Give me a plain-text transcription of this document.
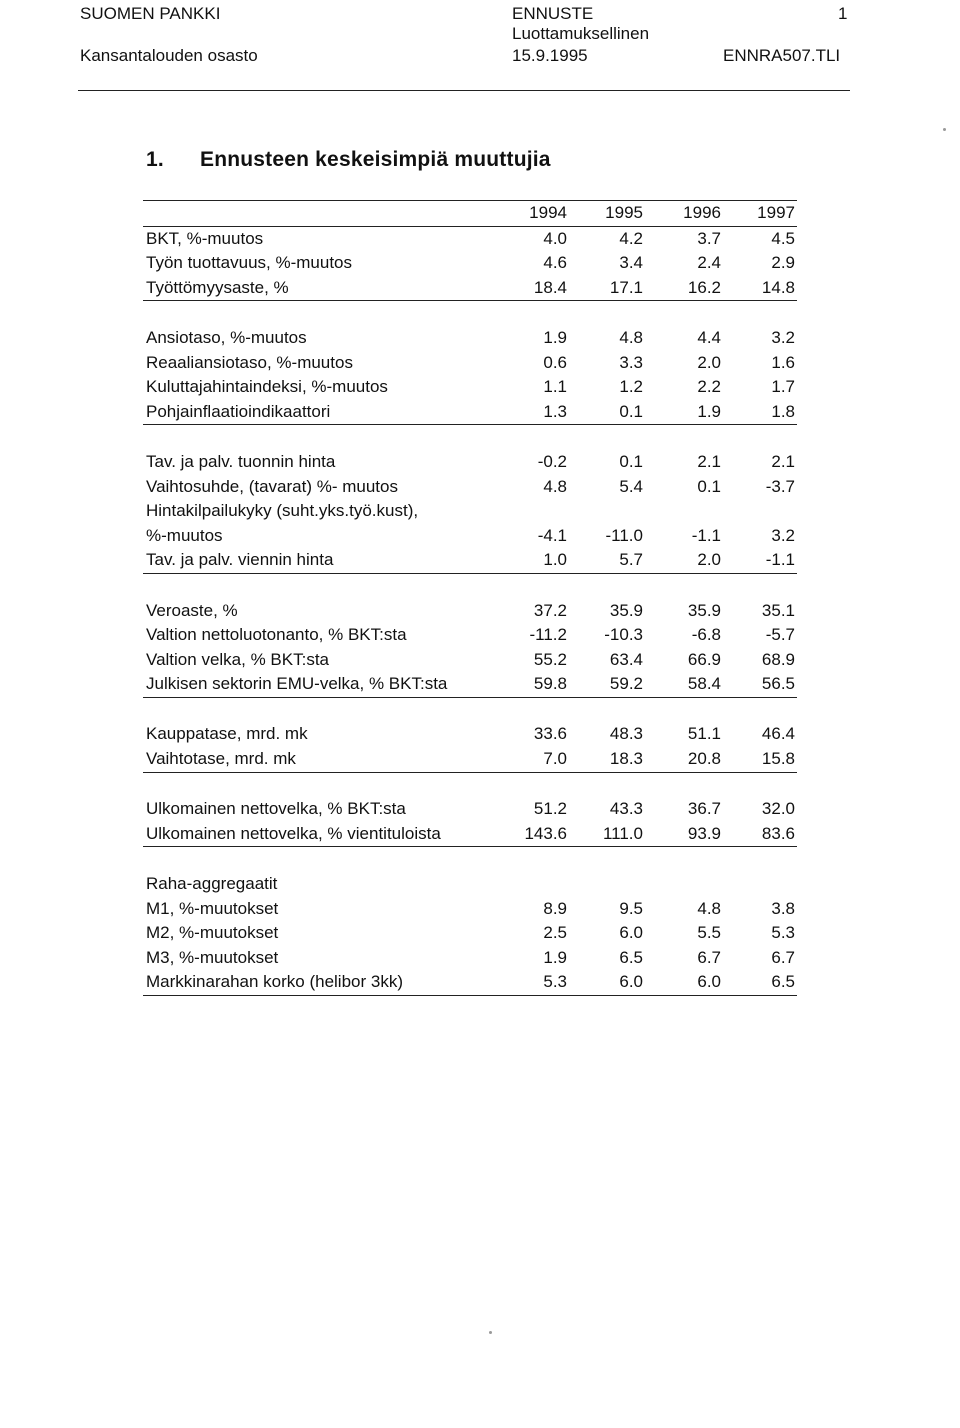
SUOMEN PANKKI
Kansantalouden osasto
ENNUSTE
Luottamuksellinen
15.9.1995
1
ENNRA507.TLI
1. Ennusteen keskeisimpiä muuttujia
1994	1995	1996	1997
BKT, %-muutos	4.0	4.2	3.7	4.5
Työn tuottavuus, %-muutos	4.6	3.4	2.4	2.9
Työttömyysaste, %	18.4	17.1	16.2	14.8
Ansiotaso, %-muutos	1.9	4.8	4.4	3.2
Reaaliansiotaso, %-muutos	0.6	3.3	2.0	1.6
Kuluttajahintaindeksi, %-muutos	1.1	1.2	2.2	1.7
Pohjainflaatioindikaattori	1.3	0.1	1.9	1.8
Tav. ja palv. tuonnin hinta	-0.2	0.1	2.1	2.1
Vaihtosuhde, (tavarat) %- muutos	4.8	5.4	0.1	-3.7
Hintakilpailukyky (suht.yks.työ.kust),
%-muutos	-4.1	-11.0	-1.1	3.2
Tav. ja palv. viennin hinta	1.0	5.7	2.0	-1.1
Veroaste, %	37.2	35.9	35.9	35.1
Valtion nettoluotonanto, % BKT:sta	-11.2	-10.3	-6.8	-5.7
Valtion velka, % BKT:sta	55.2	63.4	66.9	68.9
Julkisen sektorin EMU-velka, % BKT:sta	59.8	59.2	58.4	56.5
Kauppatase, mrd. mk	33.6	48.3	51.1	46.4
Vaihtotase, mrd. mk	7.0	18.3	20.8	15.8
Ulkomainen nettovelka, % BKT:sta	51.2	43.3	36.7	32.0
Ulkomainen nettovelka, % vientituloista	143.6	111.0	93.9	83.6
Raha-aggregaatit
M1, %-muutokset	8.9	9.5	4.8	3.8
M2, %-muutokset	2.5	6.0	5.5	5.3
M3, %-muutokset	1.9	6.5	6.7	6.7
Markkinarahan korko (helibor 3kk)	5.3	6.0	6.0	6.5
